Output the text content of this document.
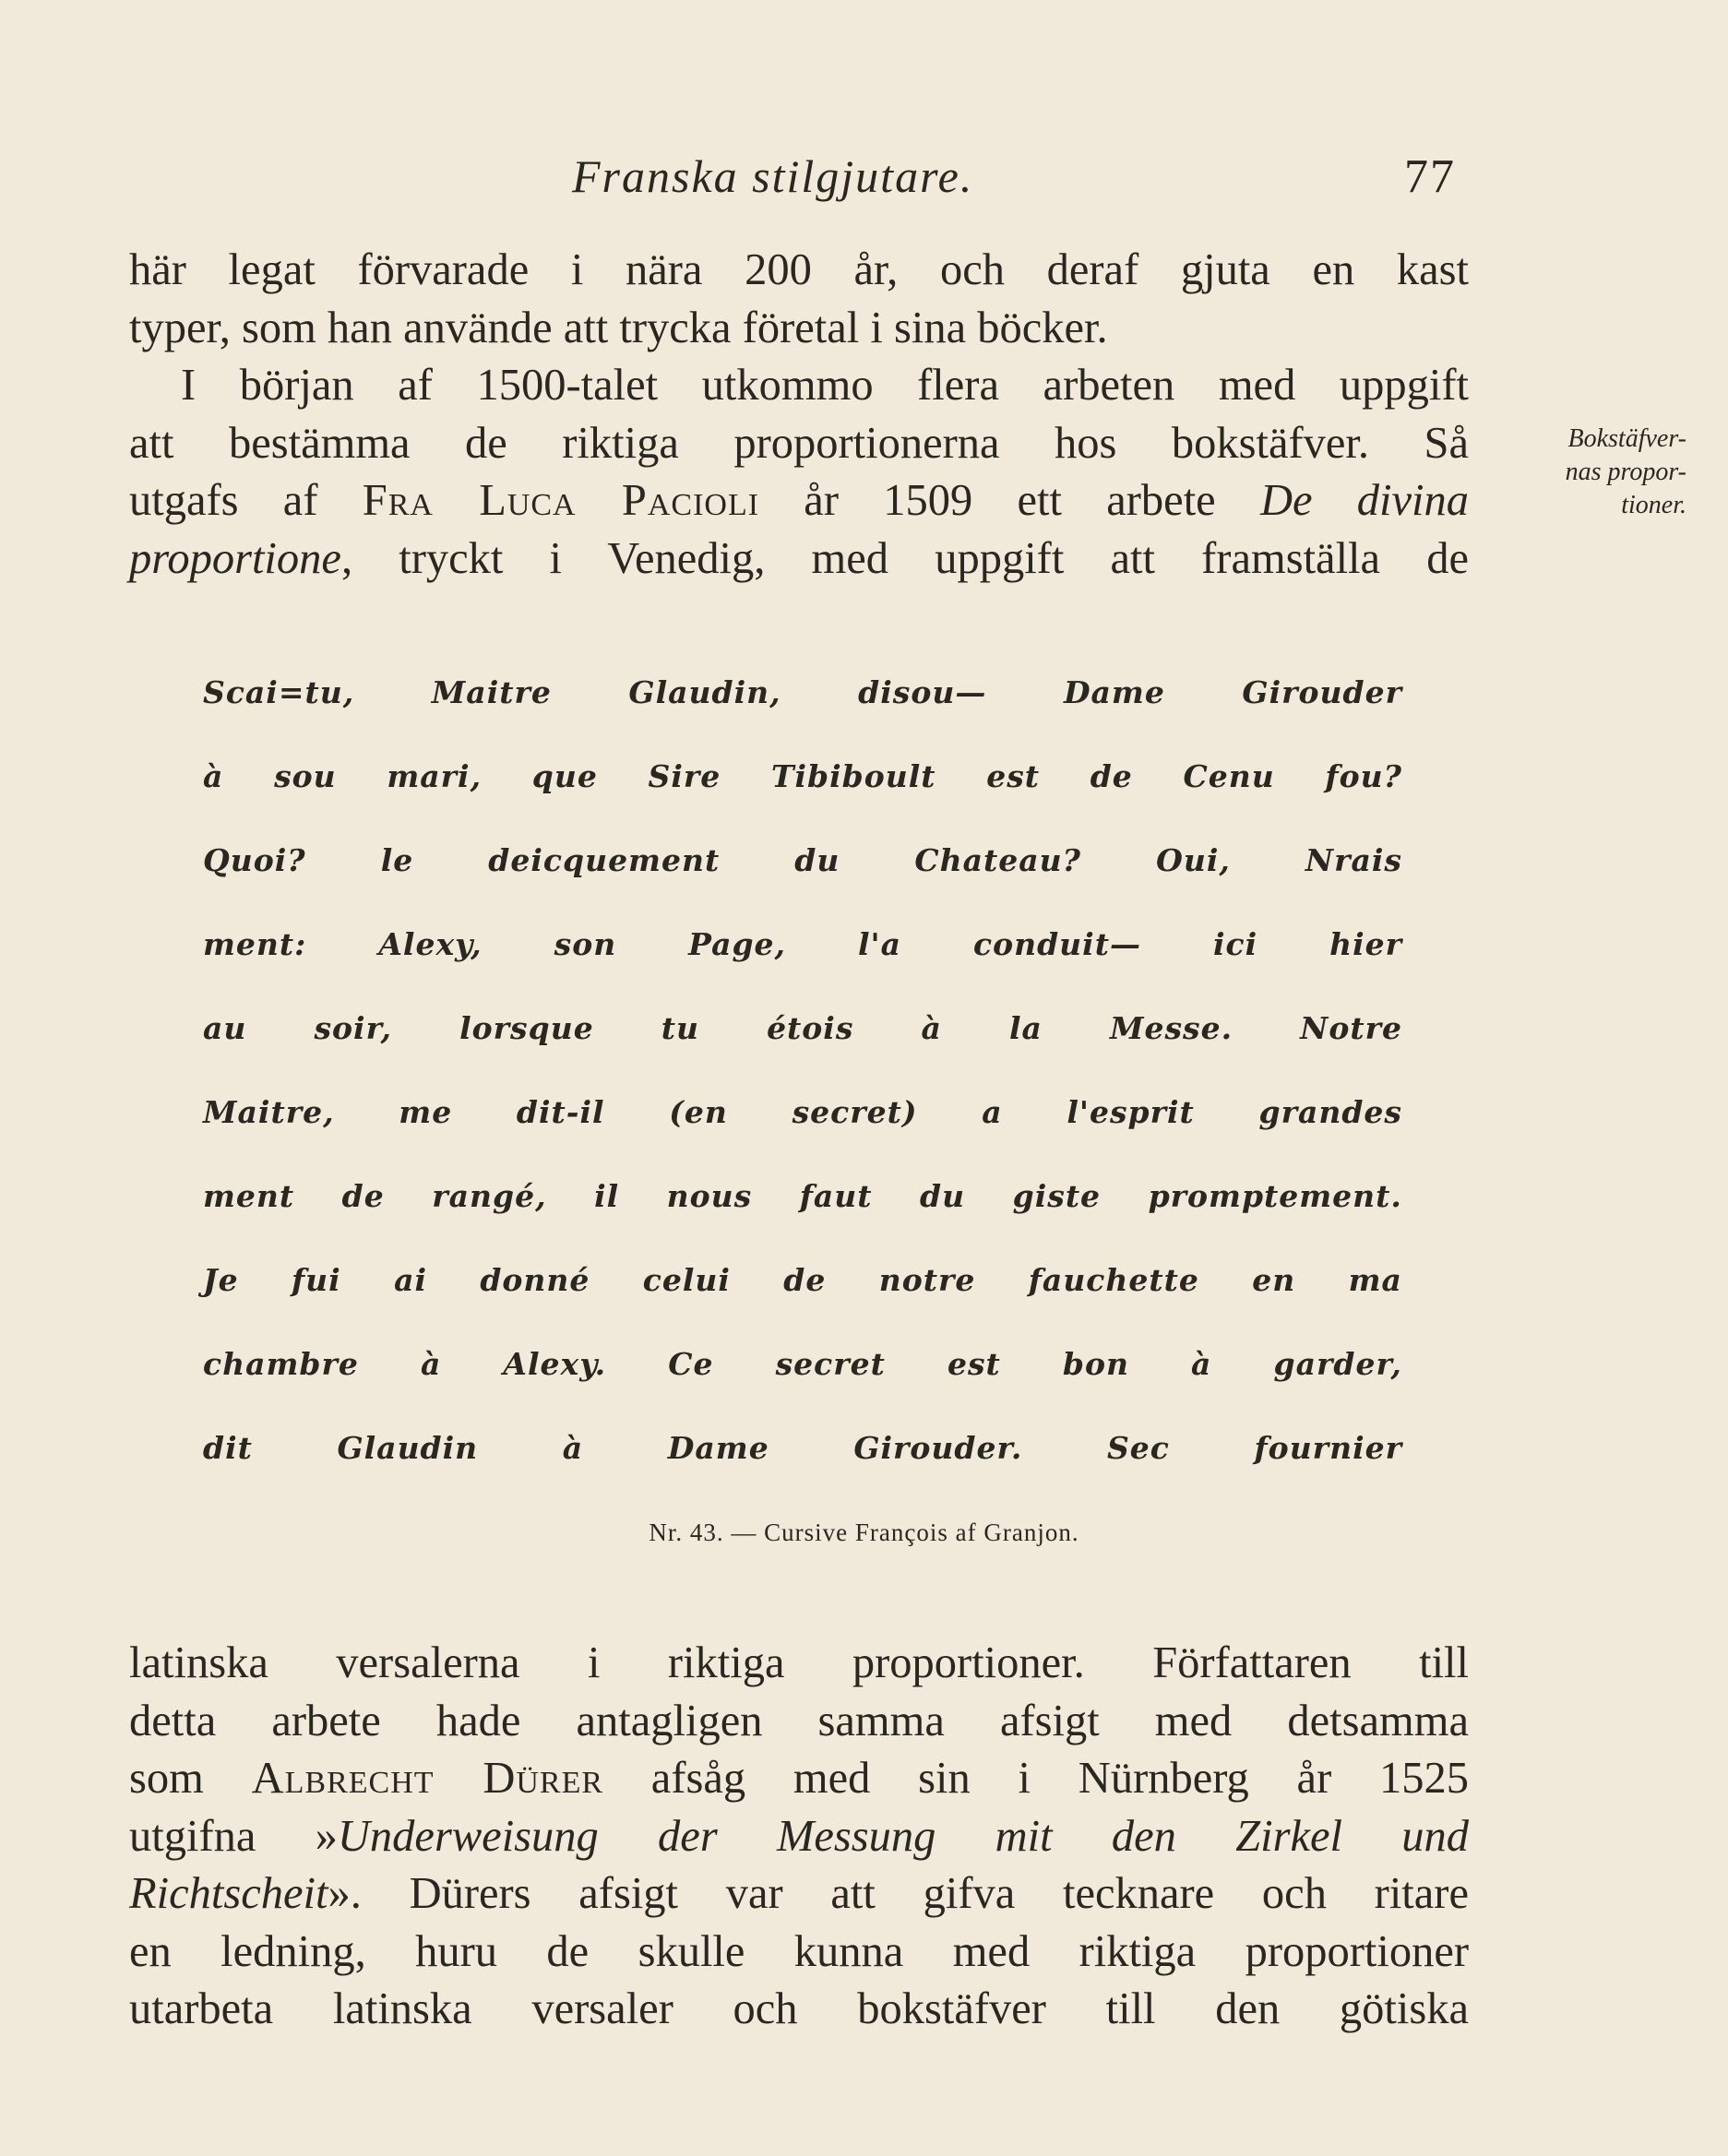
Franska stilgjutare.	77
här legat förvarade i nära 200 år, och deraf gjuta en kast
typer, som han använde att trycka företal i sina böcker.
I början af 1500-talet utkommo flera arbeten med uppgift
att bestämma de riktiga proportionerna hos bokstäfver. Så
utgafs af Fra Luca Pacioli år 1509 ett arbete De divina
proportione, tryckt i Venedig, med uppgift att framställa de
Bokstäfver-
nas propor-
tioner.
Scai=tu,	Maitre	Glaudin,	disou—	Dame	Girouder
à sou mari, que Sire Tibiboult est de Cenu fou?
Quoi? le deicquement du Chateau? Oui, Nrais
ment: Alexy, son Page, l'a conduit— ici hier
au soir, lorsque tu étois à la Messe. Notre
Maitre, me dit-il (en secret) a l'esprit grandes
ment de rangé, il nous faut du giste promptement.
Je fui ai donné celui de notre fauchette en ma
chambre à Alexy. Ce secret est bon à garder,
dit	Glaudin	à	Dame	Girouder.	Sec	fournier
Nr. 43. — Cursive François af Granjon.
latinska versalerna i riktiga proportioner. Författaren till
detta arbete hade antagligen samma afsigt med detsamma
som Albrecht Dürer afsåg med sin i Nürnberg år 1525
utgifna »Underweisung der Messung mit den Zirkel und
Richtscheit». Dürers afsigt var att gifva tecknare och ritare
en ledning, huru de skulle kunna med riktiga proportioner
utarbeta latinska versaler och bokstäfver till den götiska
